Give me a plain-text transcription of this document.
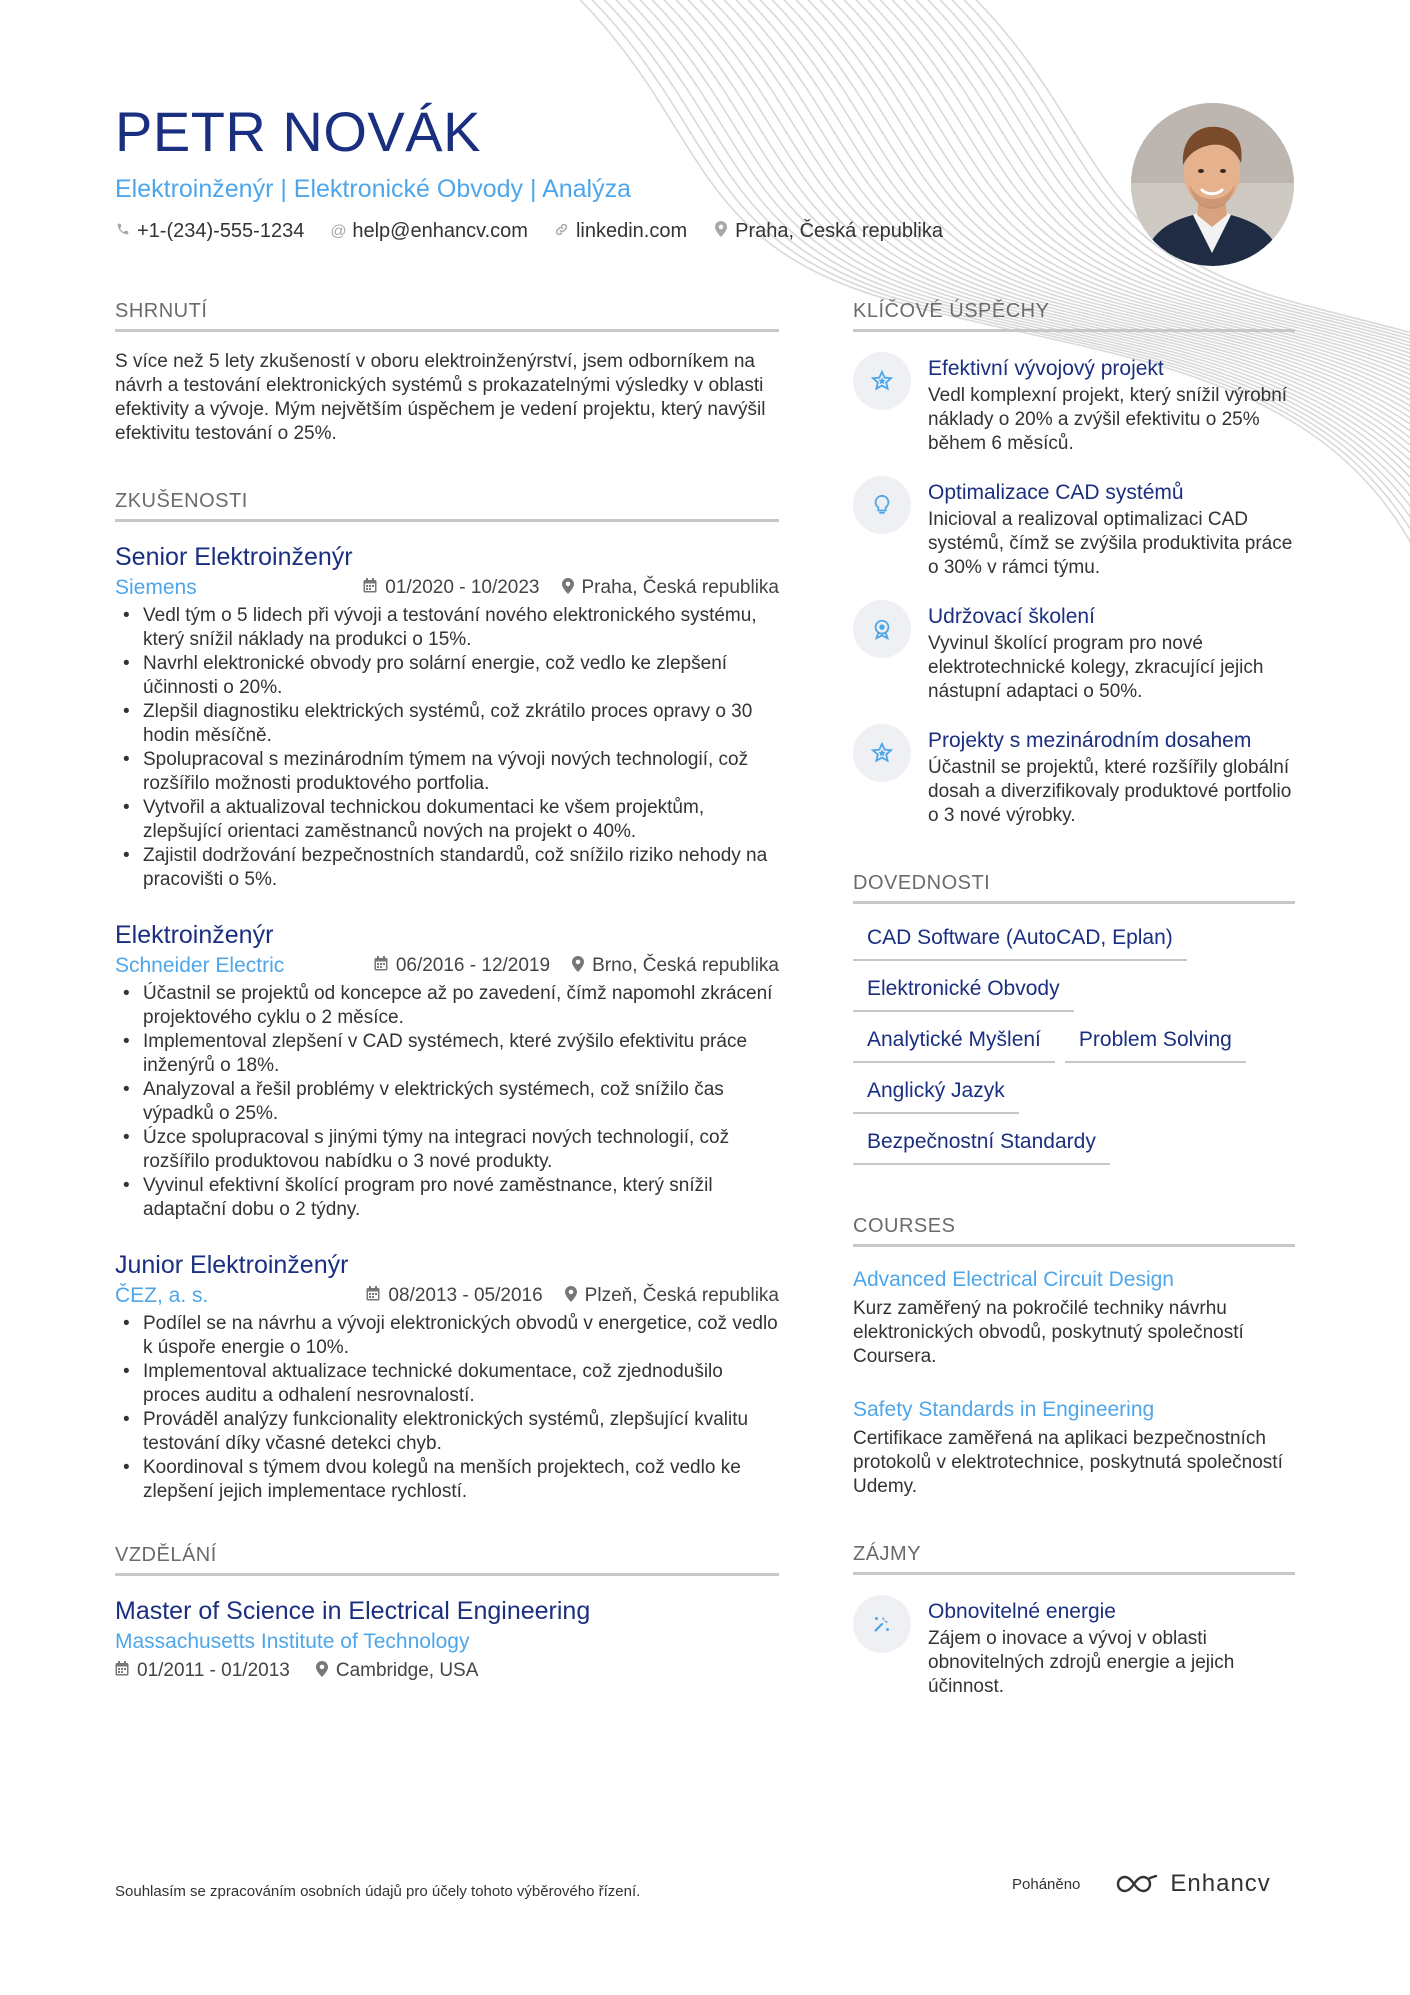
PETR NOVÁK
Elektroinženýr | Elektronické Obvody | Analýza
+1-(234)-555-1234 @ help@enhancv.com linkedin.com Praha, Česká republika
SHRNUTÍ
S více než 5 lety zkušeností v oboru elektroinženýrství, jsem odborníkem na návrh a testování elektronických systémů s prokazatelnými výsledky v oblasti efektivity a vývoje. Mým největším úspěchem je vedení projektu, který navýšil efektivitu testování o 25%.
ZKUŠENOSTI
Senior Elektroinženýr
Siemens	01/2020 - 10/2023 Praha, Česká republika
• Vedl tým o 5 lidech při vývoji a testování nového elektronického systému, který snížil náklady na produkci o 15%.
• Navrhl elektronické obvody pro solární energie, což vedlo ke zlepšení účinnosti o 20%.
• Zlepšil diagnostiku elektrických systémů, což zkrátilo proces opravy o 30 hodin měsíčně.
• Spolupracoval s mezinárodním týmem na vývoji nových technologií, což rozšířilo možnosti produktového portfolia.
• Vytvořil a aktualizoval technickou dokumentaci ke všem projektům, zlepšující orientaci zaměstnanců nových na projekt o 40%.
• Zajistil dodržování bezpečnostních standardů, což snížilo riziko nehody na pracovišti o 5%.
Elektroinženýr
Schneider Electric	06/2016 - 12/2019 Brno, Česká republika
• Účastnil se projektů od koncepce až po zavedení, čímž napomohl zkrácení projektového cyklu o 2 měsíce.
• Implementoval zlepšení v CAD systémech, které zvýšilo efektivitu práce inženýrů o 18%.
• Analyzoval a řešil problémy v elektrických systémech, což snížilo čas výpadků o 25%.
• Úzce spolupracoval s jinými týmy na integraci nových technologií, což rozšířilo produktovou nabídku o 3 nové produkty.
• Vyvinul efektivní školící program pro nové zaměstnance, který snížil adaptační dobu o 2 týdny.
Junior Elektroinženýr
ČEZ, a. s.	08/2013 - 05/2016 Plzeň, Česká republika
• Podílel se na návrhu a vývoji elektronických obvodů v energetice, což vedlo k úspoře energie o 10%.
• Implementoval aktualizace technické dokumentace, což zjednodušilo proces auditu a odhalení nesrovnalostí.
• Prováděl analýzy funkcionality elektronických systémů, zlepšující kvalitu testování díky včasné detekci chyb.
• Koordinoval s týmem dvou kolegů na menších projektech, což vedlo ke zlepšení jejich implementace rychlostí.
VZDĚLÁNÍ
Master of Science in Electrical Engineering
Massachusetts Institute of Technology
01/2011 - 01/2013 Cambridge, USA
KLÍČOVÉ ÚSPĚCHY
Efektivní vývojový projekt
Vedl komplexní projekt, který snížil výrobní náklady o 20% a zvýšil efektivitu o 25% během 6 měsíců.
Optimalizace CAD systémů
Inicioval a realizoval optimalizaci CAD systémů, čímž se zvýšila produktivita práce o 30% v rámci týmu.
Udržovací školení
Vyvinul školící program pro nové elektrotechnické kolegy, zkracující jejich nástupní adaptaci o 50%.
Projekty s mezinárodním dosahem
Účastnil se projektů, které rozšířily globální dosah a diverzifikovaly produktové portfolio o 3 nové výrobky.
DOVEDNOSTI
CAD Software (AutoCAD, Eplan)
Elektronické Obvody
Analytické Myšlení	Problem Solving
Anglický Jazyk
Bezpečnostní Standardy
COURSES
Advanced Electrical Circuit Design
Kurz zaměřený na pokročilé techniky návrhu elektronických obvodů, poskytnutý společností Coursera.
Safety Standards in Engineering
Certifikace zaměřená na aplikaci bezpečnostních protokolů v elektrotechnice, poskytnutá společností Udemy.
ZÁJMY
Obnovitelné energie
Zájem o inovace a vývoj v oblasti obnovitelných zdrojů energie a jejich účinnost.
Souhlasím se zpracováním osobních údajů pro účely tohoto výběrového řízení.	Poháněno	Enhancv
